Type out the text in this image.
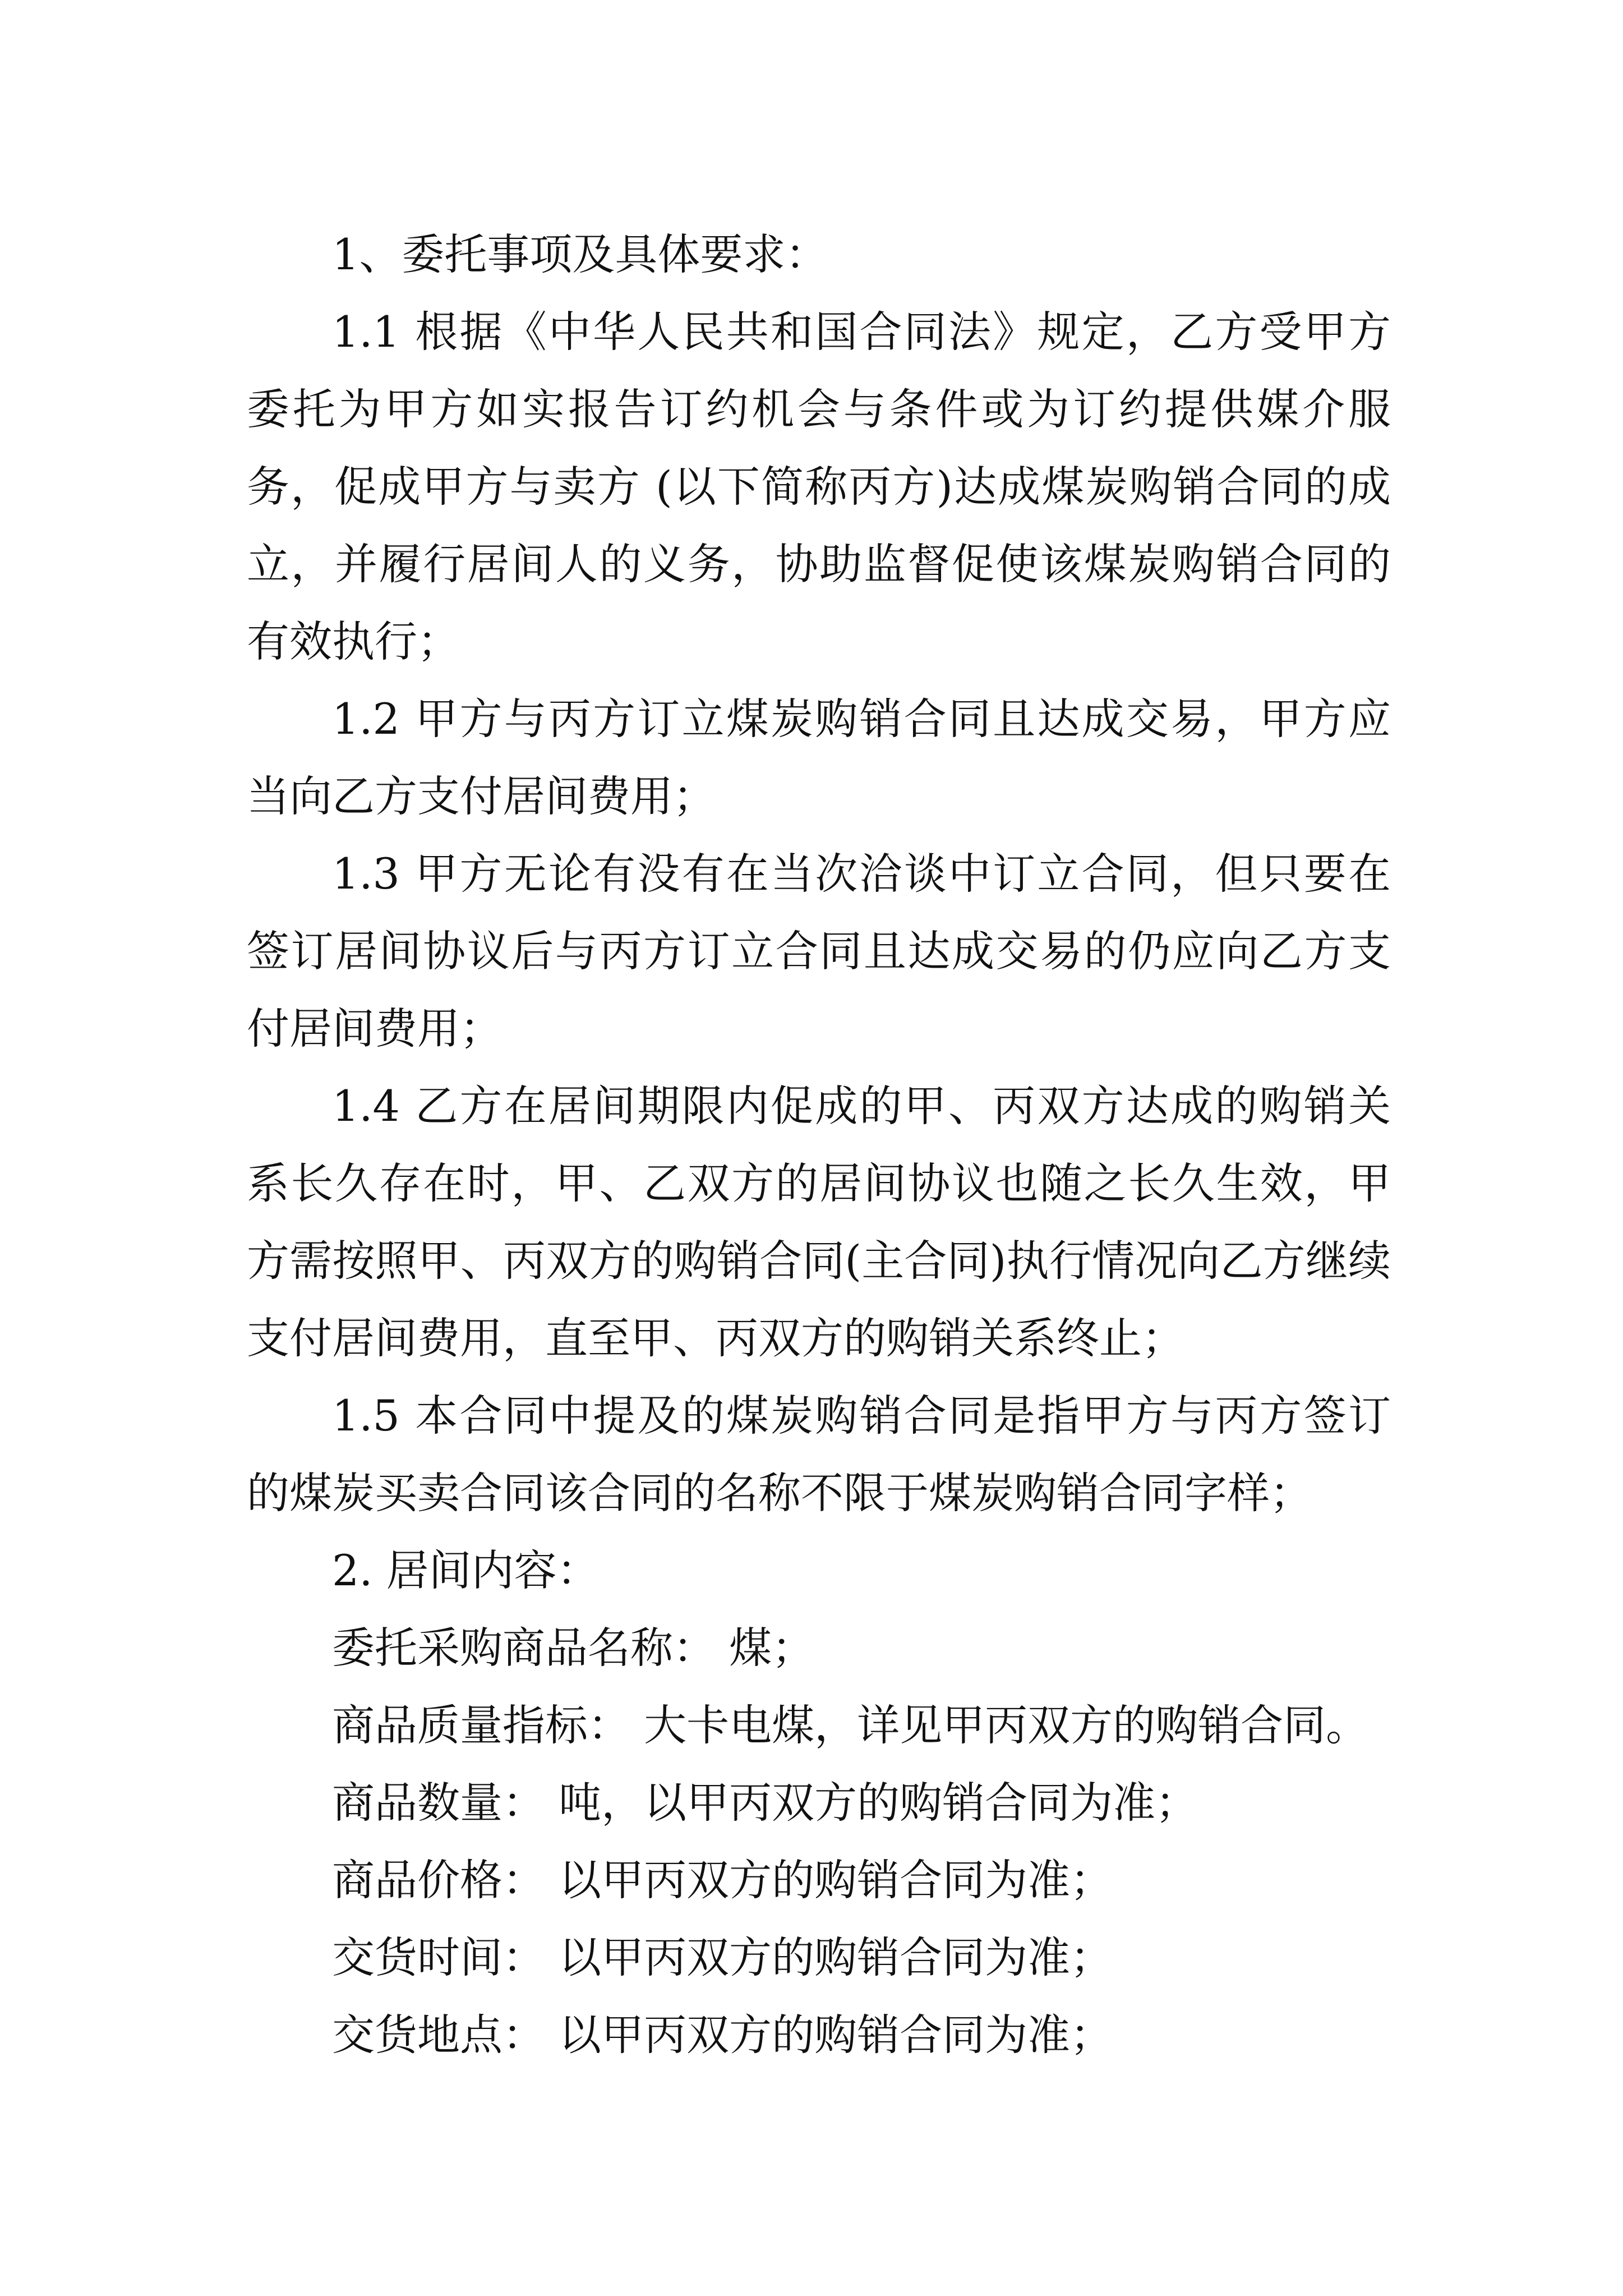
1、委托事项及具体要求：

1.1 根据《中华人民共和国合同法》规定，乙方受甲方委托为甲方如实报告订约机会与条件或为订约提供媒介服务，促成甲方与卖方 (以下简称丙方)达成煤炭购销合同的成立，并履行居间人的义务，协助监督促使该煤炭购销合同的有效执行；

1.2 甲方与丙方订立煤炭购销合同且达成交易，甲方应当向乙方支付居间费用；

1.3 甲方无论有没有在当次洽谈中订立合同，但只要在签订居间协议后与丙方订立合同且达成交易的仍应向乙方支付居间费用；

1.4 乙方在居间期限内促成的甲、丙双方达成的购销关系长久存在时，甲、乙双方的居间协议也随之长久生效，甲方需按照甲、丙双方的购销合同(主合同)执行情况向乙方继续支付居间费用，直至甲、丙双方的购销关系终止；

1.5 本合同中提及的煤炭购销合同是指甲方与丙方签订的煤炭买卖合同该合同的名称不限于煤炭购销合同字样；

2. 居间内容：

委托采购商品名称： 煤；

商品质量指标： 大卡电煤，详见甲丙双方的购销合同。

商品数量： 吨，以甲丙双方的购销合同为准；

商品价格： 以甲丙双方的购销合同为准；

交货时间： 以甲丙双方的购销合同为准；

交货地点： 以甲丙双方的购销合同为准；
